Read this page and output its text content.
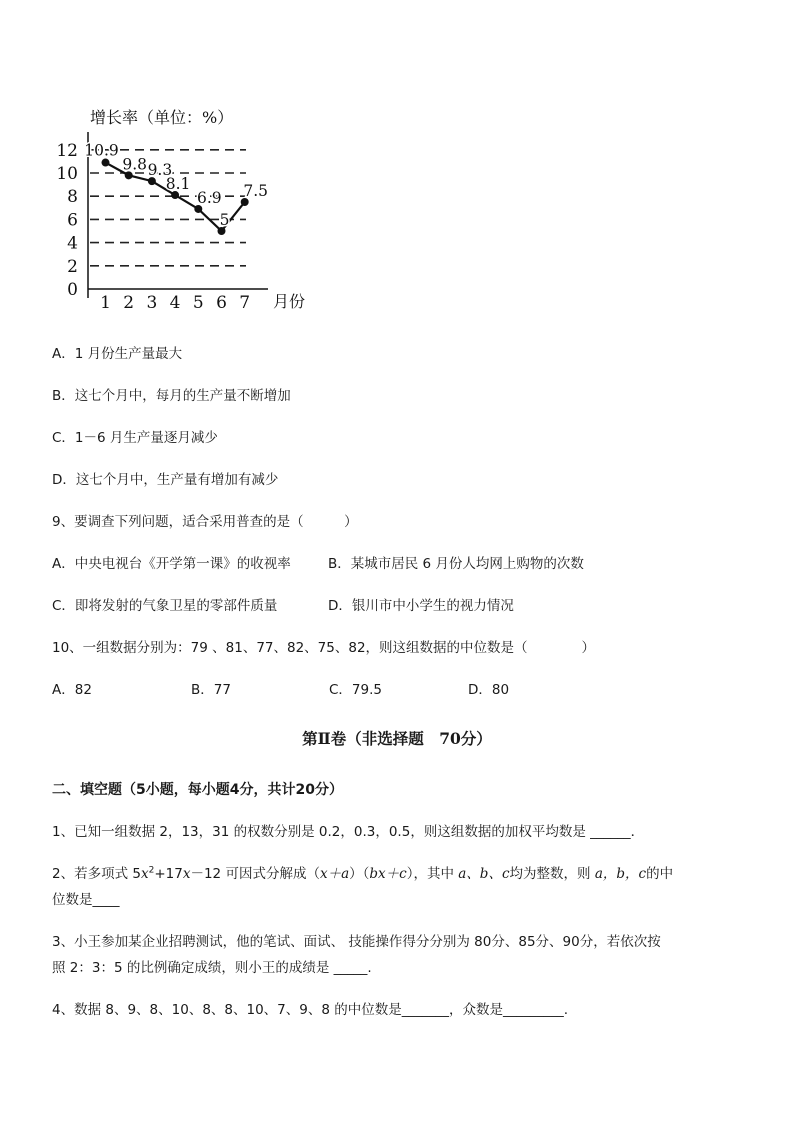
增长率（单位：%）
0
2
4
6
8
10
12
1 2 3 4 5 6 7 月份
10.9
9.8 9.3
8.1
6.9
5
7.5
A．1 月份生产量最大
B．这七个月中，每月的生产量不断增加
C．1－6 月生产量逐月减少
D．这七个月中，生产量有增加有减少
9、要调查下列问题，适合采用普查的是（　　　）

A．中央电视台《开学第一课》的收视率

	B．某城市居民 6 月份人均网上购物的次数

C．即将发射的气象卫星的零部件质量

	D．银川市中小学生的视力情况

10、一组数据分别为：79 、81、77、82、75、82，则这组数据的中位数是（　　　　）

A．82

	B．77

	C．79.5

	D．80

第Ⅱ卷（非选择题　70分）
二、填空题（5小题，每小题4分，共计20分）
1、已知一组数据 2，13，31 的权数分别是 0.2，0.3，0.5，则这组数据的加权平均数是 ______．
2、若多项式 $5x^2+17x-12$ 可因式分解成（x＋a）（bx＋c），其中 a、b、c均为整数，则 a，b，c的中
位数是____
3、小王参加某企业招聘测试，他的笔试、面试、 技能操作得分分别为 80分、85分、90分，若依次按
照 2：3：5 的比例确定成绩，则小王的成绩是 _____.
4、数据 8、9、8、10、8、8、10、7、9、8 的中位数是_______，众数是_________.
